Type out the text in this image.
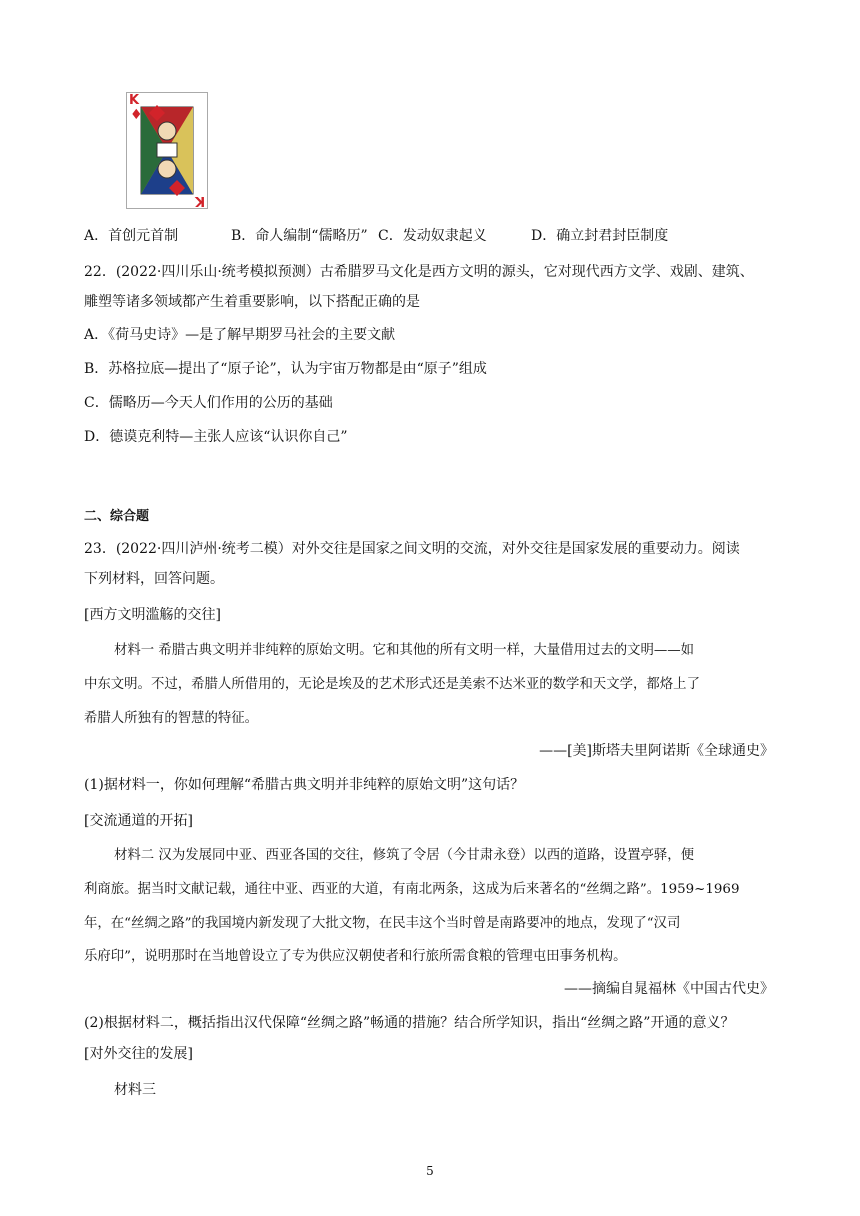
K
♦
K
A．首创元首制	B．命人编制“儒略历” C．发动奴隶起义	D．确立封君封臣制度
22．(2022·四川乐山·统考模拟预测）古希腊罗马文化是西方文明的源头，它对现代西方文学、戏剧、建筑、
雕塑等诸多领域都产生着重要影响，以下搭配正确的是
A．《荷马史诗》—是了解早期罗马社会的主要文献
B．苏格拉底—提出了“原子论”，认为宇宙万物都是由“原子”组成
C．儒略历—今天人们作用的公历的基础
D．德谟克利特—主张人应该“认识你自己”
二、综合题
23．(2022·四川泸州·统考二模）对外交往是国家之间文明的交流，对外交往是国家发展的重要动力。阅读
下列材料，回答问题。
[西方文明滥觞的交往]
材料一 希腊古典文明并非纯粹的原始文明。它和其他的所有文明一样，大量借用过去的文明——如
中东文明。不过，希腊人所借用的，无论是埃及的艺术形式还是美索不达米亚的数学和天文学，都烙上了
希腊人所独有的智慧的特征。
——[美]斯塔夫里阿诺斯《全球通史》
(1)据材料一，你如何理解“希腊古典文明并非纯粹的原始文明”这句话？
[交流通道的开拓]
材料二 汉为发展同中亚、西亚各国的交往，修筑了令居（今甘肃永登）以西的道路，设置亭驿，便
利商旅。据当时文献记载，通往中亚、西亚的大道，有南北两条，这成为后来著名的“丝绸之路”。1959~1969
年，在“丝绸之路”的我国境内新发现了大批文物，在民丰这个当时曾是南路要冲的地点，发现了“汉司
乐府印”，说明那时在当地曾设立了专为供应汉朝使者和行旅所需食粮的管理屯田事务机构。
——摘编自晁福林《中国古代史》
(2)根据材料二，概括指出汉代保障“丝绸之路”畅通的措施？结合所学知识，指出“丝绸之路”开通的意义？
[对外交往的发展]
材料三
5
